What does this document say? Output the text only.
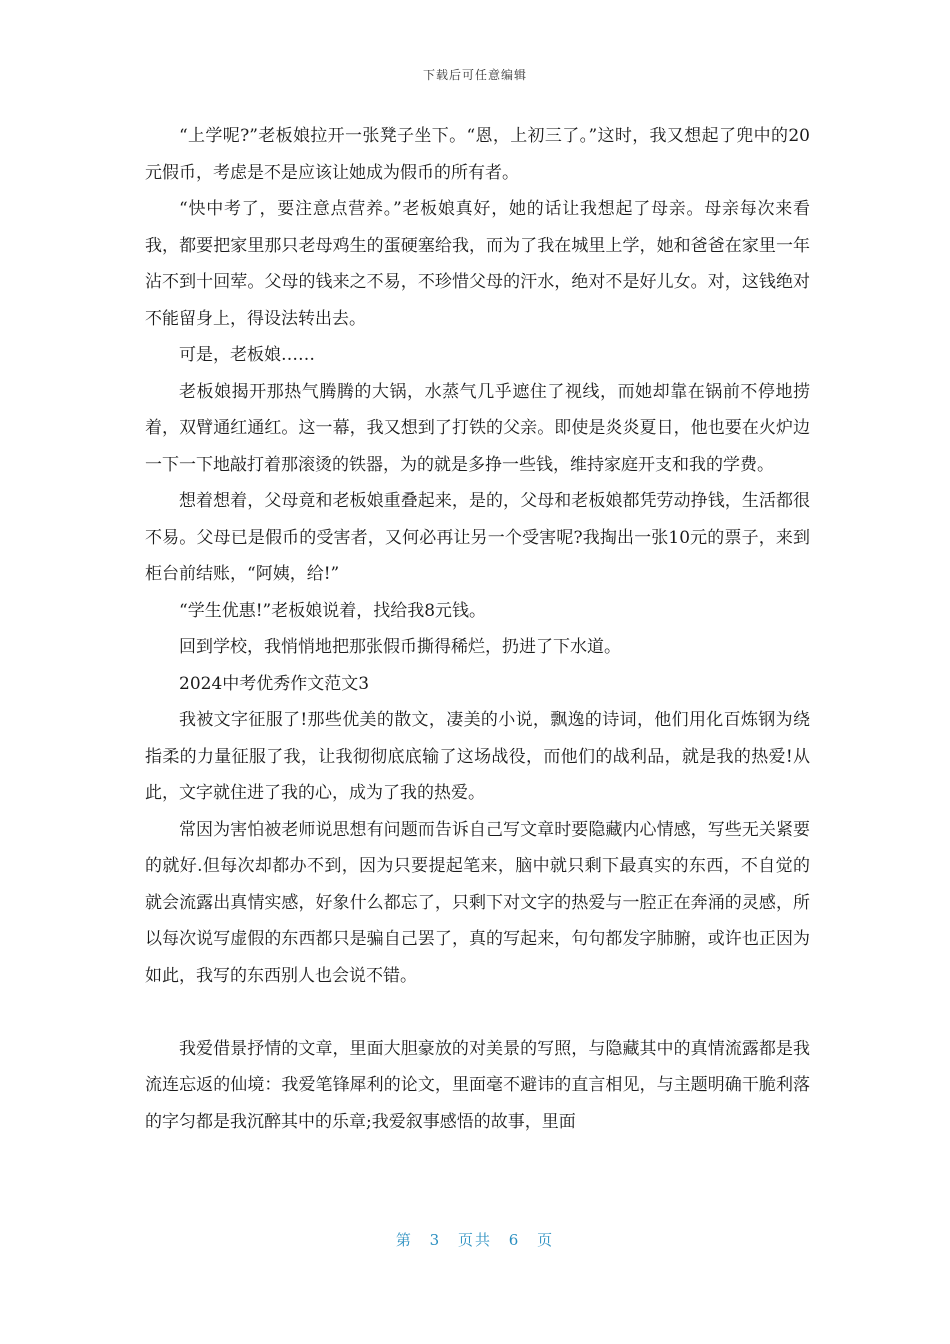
下载后可任意编辑

“上学呢?”老板娘拉开一张凳子坐下。“恩，上初三了。”这时，我又想起了兜中的20元假币，考虑是不是应该让她成为假币的所有者。

“快中考了，要注意点营养。”老板娘真好，她的话让我想起了母亲。母亲每次来看我，都要把家里那只老母鸡生的蛋硬塞给我，而为了我在城里上学，她和爸爸在家里一年沾不到十回荤。父母的钱来之不易，不珍惜父母的汗水，绝对不是好儿女。对，这钱绝对不能留身上，得设法转出去。

可是，老板娘……

老板娘揭开那热气腾腾的大锅，水蒸气几乎遮住了视线，而她却靠在锅前不停地捞着，双臂通红通红。这一幕，我又想到了打铁的父亲。即使是炎炎夏日，他也要在火炉边一下一下地敲打着那滚烫的铁器，为的就是多挣一些钱，维持家庭开支和我的学费。

想着想着，父母竟和老板娘重叠起来，是的，父母和老板娘都凭劳动挣钱，生活都很不易。父母已是假币的受害者，又何必再让另一个受害呢?我掏出一张10元的票子，来到柜台前结账，“阿姨，给!”

“学生优惠!”老板娘说着，找给我8元钱。

回到学校，我悄悄地把那张假币撕得稀烂，扔进了下水道。

2024中考优秀作文范文3

我被文字征服了!那些优美的散文，凄美的小说，飘逸的诗词，他们用化百炼钢为绕指柔的力量征服了我，让我彻彻底底输了这场战役，而他们的战利品，就是我的热爱!从此，文字就住进了我的心，成为了我的热爱。

常因为害怕被老师说思想有问题而告诉自己写文章时要隐藏内心情感，写些无关紧要的就好.但每次却都办不到，因为只要提起笔来，脑中就只剩下最真实的东西，不自觉的就会流露出真情实感，好象什么都忘了，只剩下对文字的热爱与一腔正在奔涌的灵感，所以每次说写虚假的东西都只是骗自己罢了，真的写起来，句句都发字肺腑，或许也正因为如此，我写的东西别人也会说不错。

我爱借景抒情的文章，里面大胆豪放的对美景的写照，与隐藏其中的真情流露都是我流连忘返的仙境：我爱笔锋犀利的论文，里面毫不避讳的直言相见，与主题明确干脆利落的字匀都是我沉醉其中的乐章;我爱叙事感悟的故事，里面

第 3 页共 6 页
